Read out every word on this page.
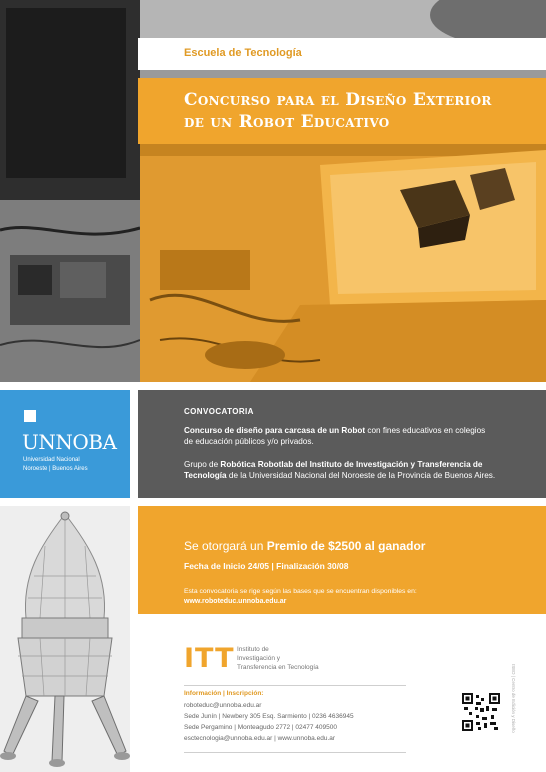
Escuela de Tecnología
Concurso para el Diseño Exterior
de un Robot Educativo
UNNOBA
Universidad Nacional
Noroeste | Buenos Aires
CONVOCATORIA
Concurso de diseño para carcasa de un Robot con fines educativos en colegios
de educación públicos y/o privados.
Grupo de Robótica Robotlab del Instituto de Investigación y Transferencia de
Tecnología de la Universidad Nacional del Noroeste de la Provincia de Buenos Aires.
Se otorgará un Premio de $2500 al ganador
Fecha de Inicio 24/05 | Finalización 30/08
Esta convocatoria se rige según las bases que se encuentran disponibles en:
www.roboteduc.unnoba.edu.ar
ITT Instituto de
Investigación y
Transferencia en Tecnología
Información | Inscripción:
roboteduc@unnoba.edu.ar
Sede Junín | Newbery 305 Esq. Sarmiento | 0236 4636945
Sede Pergamino | Monteagudo 2772 | 02477 409500
esctecnologia@unnoba.edu.ar | www.unnoba.edu.ar
ISED | Centro de Edición y Diseño
